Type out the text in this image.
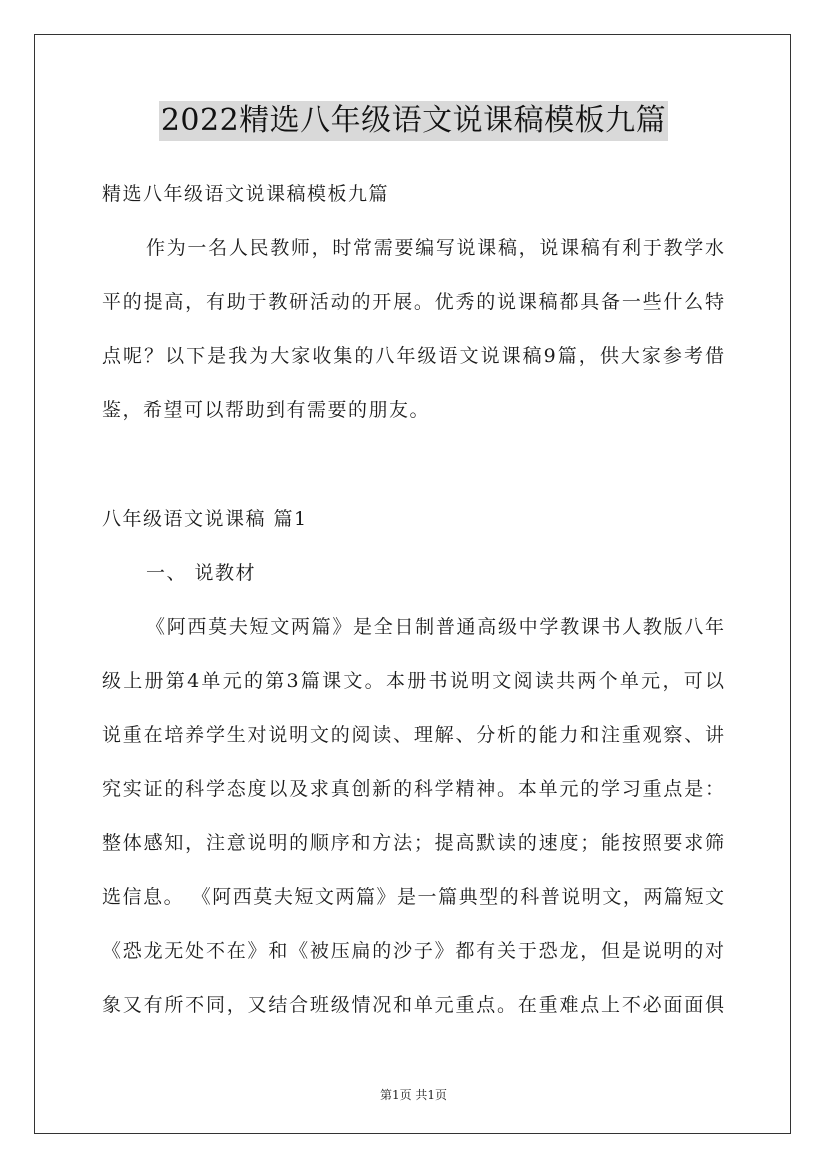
2022精选八年级语文说课稿模板九篇
精选八年级语文说课稿模板九篇
作为一名人民教师，时常需要编写说课稿，说课稿有利于教学水
平的提高，有助于教研活动的开展。优秀的说课稿都具备一些什么特
点呢？以下是我为大家收集的八年级语文说课稿9篇，供大家参考借
鉴，希望可以帮助到有需要的朋友。
八年级语文说课稿 篇1
一、 说教材
《阿西莫夫短文两篇》是全日制普通高级中学教课书人教版八年
级上册第4单元的第3篇课文。本册书说明文阅读共两个单元，可以
说重在培养学生对说明文的阅读、理解、分析的能力和注重观察、讲
究实证的科学态度以及求真创新的科学精神。本单元的学习重点是：
整体感知，注意说明的顺序和方法；提高默读的速度；能按照要求筛
选信息。 《阿西莫夫短文两篇》是一篇典型的科普说明文，两篇短文
《恐龙无处不在》和《被压扁的沙子》都有关于恐龙，但是说明的对
象又有所不同，又结合班级情况和单元重点。在重难点上不必面面俱
第1页 共1页
